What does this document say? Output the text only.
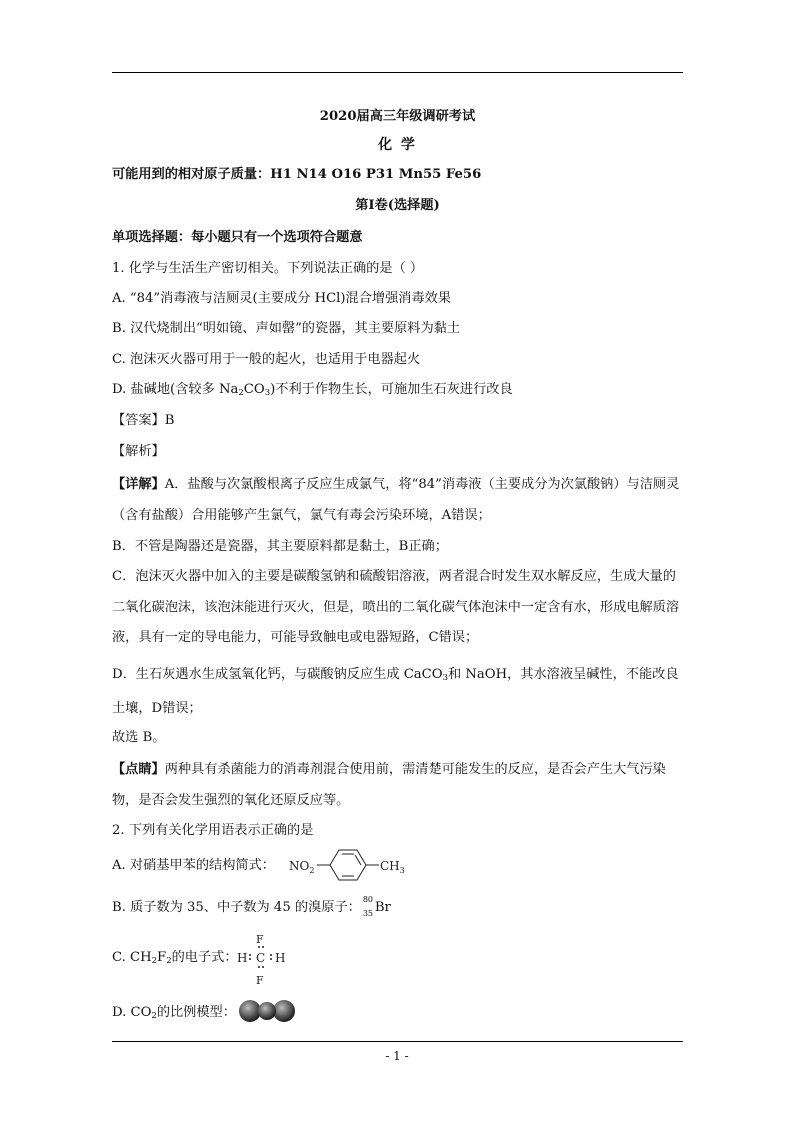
2020届高三年级调研考试
化 学
可能用到的相对原子质量：H1 N14 O16 P31 Mn55 Fe56
第Ⅰ卷(选择题)
单项选择题：每小题只有一个选项符合题意
1. 化学与生活生产密切相关。下列说法正确的是（ ）
A. “84”消毒液与洁厕灵(主要成分 HCl)混合增强消毒效果
B. 汉代烧制出“明如镜、声如罄”的瓷器，其主要原料为黏土
C. 泡沫灭火器可用于一般的起火，也适用于电器起火
D. 盐碱地(含较多 $Na_2CO_3$)不利于作物生长，可施加生石灰进行改良
【答案】B
【解析】
【详解】A．盐酸与次氯酸根离子反应生成氯气，将“84”消毒液（主要成分为次氯酸钠）与洁厕灵（含有盐酸）合用能够产生氯气，氯气有毒会污染环境，A错误；
B．不管是陶器还是瓷器，其主要原料都是黏土，B正确；
C．泡沫灭火器中加入的主要是碳酸氢钠和硫酸铝溶液，两者混合时发生双水解反应，生成大量的二氧化碳泡沫，该泡沫能进行灭火，但是，喷出的二氧化碳气体泡沫中一定含有水，形成电解质溶液，具有一定的导电能力，可能导致触电或电器短路，C错误；
D．生石灰遇水生成氢氧化钙，与碳酸钠反应生成 CaCO$_3$和 NaOH，其水溶液呈碱性，不能改良土壤，D错误；
故选 B。
【点睛】两种具有杀菌能力的消毒剂混合使用前，需清楚可能发生的反应，是否会产生大气污染物，是否会发生强烈的氧化还原反应等。
2. 下列有关化学用语表示正确的是
A. 对硝基甲苯的结构简式： $NO_2$	$CH_3$
B. 质子数为 35、中子数为 45 的溴原子：
80
35 Br
C. $CH_2F_2$的电子式：
F
H C H
F
D. $CO_2$的比例模型：
- 1 -
